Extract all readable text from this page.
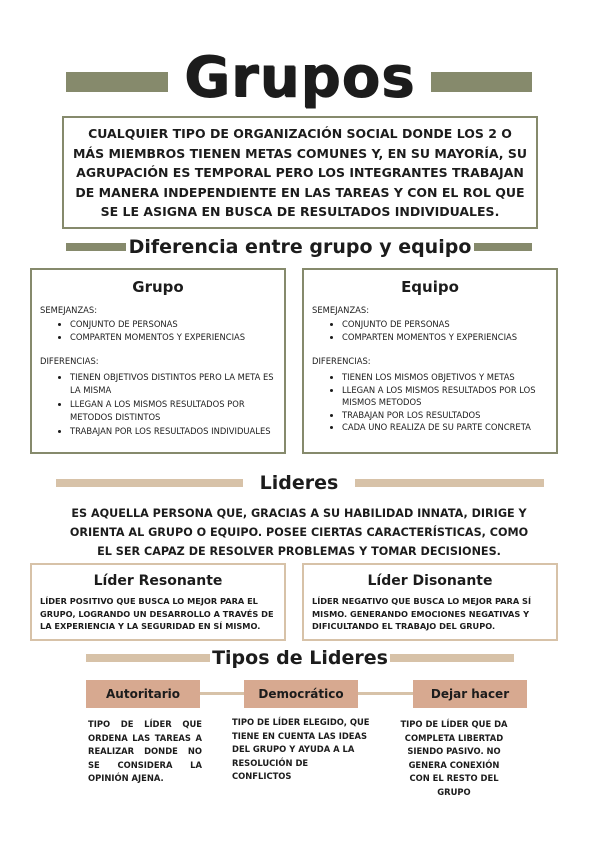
Grupos
CUALQUIER TIPO DE ORGANIZACIÓN SOCIAL DONDE LOS 2 O MÁS MIEMBROS TIENEN METAS COMUNES Y, EN SU MAYORÍA, SU AGRUPACIÓN ES TEMPORAL PERO LOS INTEGRANTES TRABAJAN DE MANERA INDEPENDIENTE EN LAS TAREAS Y CON EL ROL QUE SE LE ASIGNA EN BUSCA DE RESULTADOS INDIVIDUALES.
Diferencia entre grupo y equipo
Grupo
SEMEJANZAS:
• CONJUNTO DE PERSONAS
• COMPARTEN MOMENTOS Y EXPERIENCIAS
DIFERENCIAS:
• TIENEN OBJETIVOS DISTINTOS PERO LA META ES LA MISMA
• LLEGAN A LOS MISMOS RESULTADOS POR METODOS DISTINTOS
• TRABAJAN POR LOS RESULTADOS INDIVIDUALES
Equipo
SEMEJANZAS:
• CONJUNTO DE PERSONAS
• COMPARTEN MOMENTOS Y EXPERIENCIAS
DIFERENCIAS:
• TIENEN LOS MISMOS OBJETIVOS Y METAS
• LLEGAN A LOS MISMOS RESULTADOS POR LOS MISMOS METODOS
• TRABAJAN POR LOS RESULTADOS
• CADA UNO REALIZA DE SU PARTE CONCRETA
Lideres
ES AQUELLA PERSONA QUE, GRACIAS A SU HABILIDAD INNATA, DIRIGE Y ORIENTA AL GRUPO O EQUIPO. POSEE CIERTAS CARACTERÍSTICAS, COMO EL SER CAPAZ DE RESOLVER PROBLEMAS Y TOMAR DECISIONES.
Líder Resonante
LÍDER POSITIVO QUE BUSCA LO MEJOR PARA EL GRUPO, LOGRANDO UN DESARROLLO A TRAVÉS DE LA EXPERIENCIA Y LA SEGURIDAD EN SÍ MISMO.
Líder Disonante
LÍDER NEGATIVO QUE BUSCA LO MEJOR PARA SÍ MISMO. GENERANDO EMOCIONES NEGATIVAS Y DIFICULTANDO EL TRABAJO DEL GRUPO.
Tipos de Lideres
Autoritario	Democrático	Dejar hacer
TIPO DE LÍDER QUE ORDENA LAS TAREAS A REALIZAR DONDE NO SE CONSIDERA LA OPINIÓN AJENA.
TIPO DE LÍDER ELEGIDO, QUE TIENE EN CUENTA LAS IDEAS DEL GRUPO Y AYUDA A LA RESOLUCIÓN DE CONFLICTOS
TIPO DE LÍDER QUE DA COMPLETA LIBERTAD SIENDO PASIVO. NO GENERA CONEXIÓN CON EL RESTO DEL GRUPO
